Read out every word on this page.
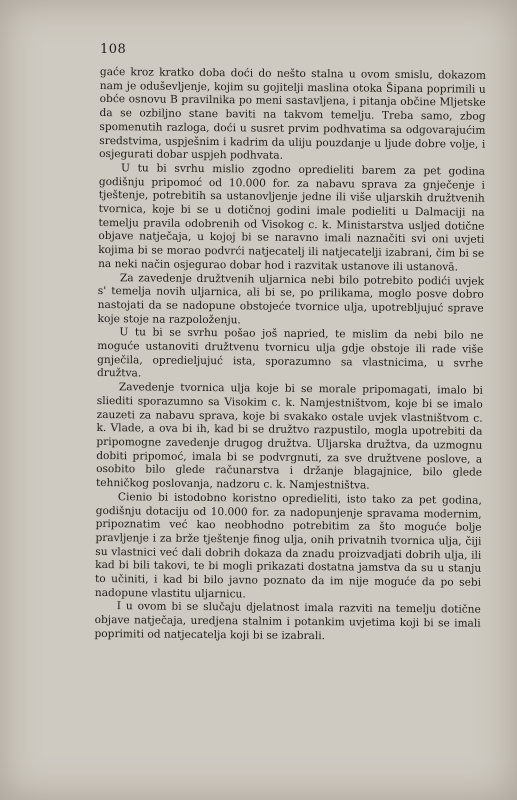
108

gaće kroz kratko doba doći do nešto stalna u ovom smislu, dokazom nam je oduševljenje, kojim su gojitelji maslina otoka Šipana poprimili u obće osnovu B pravilnika po meni sastavljena, i pitanja občine Mljetske da se ozbiljno stane baviti na takvom temelju. Treba samo, zbog spomenutih razloga, doći u susret prvim podhvatima sa odgovarajućim sredstvima, uspješnim i kadrim da uliju pouzdanje u ljude dobre volje, i osjegurati dobar uspjeh podhvata.

U tu bi svrhu mislio zgodno opredieliti barem za pet godina godišnju pripomoć od 10.000 for. za nabavu sprava za gnječenje i tještenje, potrebitih sa ustanovljenje jedne ili više uljarskih družtvenih tvornica, koje bi se u dotičnoj godini imale podieliti u Dalmaciji na temelju pravila odobrenih od Visokog c. k. Ministarstva usljed dotične objave natječaja, u kojoj bi se naravno imali naznačiti svi oni uvjeti kojima bi se morao podvrći natjecatelj ili natjecatelji izabrani, čim bi se na neki način osjegurao dobar hod i razvitak ustanove ili ustanovā.

Za zavedenje družtvenih uljarnica nebi bilo potrebito podići uvjek s' temelja novih uljarnica, ali bi se, po prilikama, moglo posve dobro nastojati da se nadopune obstojeće tvornice ulja, upotrebljujuć sprave koje stoje na razpoloženju.

U tu bi se svrhu pošao još napried, te mislim da nebi bilo ne mogućе ustanoviti družtvenu tvornicu ulja gdje obstoje ili rade više gnječila, opredieljujuć ista, sporazumno sa vlastnicima, u svrhe družtva.

Zavedenje tvornica ulja koje bi se morale pripomagati, imalo bi sliediti sporazumno sa Visokim c. k. Namjestništvom, koje bi se imalo zauzeti za nabavu sprava, koje bi svakako ostale uvjek vlastništvom c. k. Vlade, a ova bi ih, kad bi se družtvo razpustilo, mogla upotrebiti da pripomogne zavedenje drugog družtva. Uljarska družtva, da uzmognu dobiti pripomoć, imala bi se podvrgnuti, za sve družtvene poslove, a osobito bilo glede računarstva i držanje blagajnice, bilo glede tehničkog poslovanja, nadzoru c. k. Namjestništva.

Cienio bi istodobno koristno opredieliti, isto tako za pet godina, godišnju dotaciju od 10.000 for. za nadopunjenje spravama modernim, pripoznatim već kao neobhodno potrebitim za što mogućе bolje pravljenje i za brže tještenje finog ulja, onih privatnih tvornica ulja, čiji su vlastnici već dali dobrih dokaza da znadu proizvadjati dobrih ulja, ili kad bi bili takovi, te bi mogli prikazati dostatna jamstva da su u stanju to učiniti, i kad bi bilo javno poznato da im nije moguće da po sebi nadopune vlastitu uljarnicu.

I u ovom bi se slučaju djelatnost imala razviti na temelju dotične objave natječaja, uredjena stalnim i potankim uvjetima koji bi se imali poprimiti od natjecatelja koji bi se izabrali.
